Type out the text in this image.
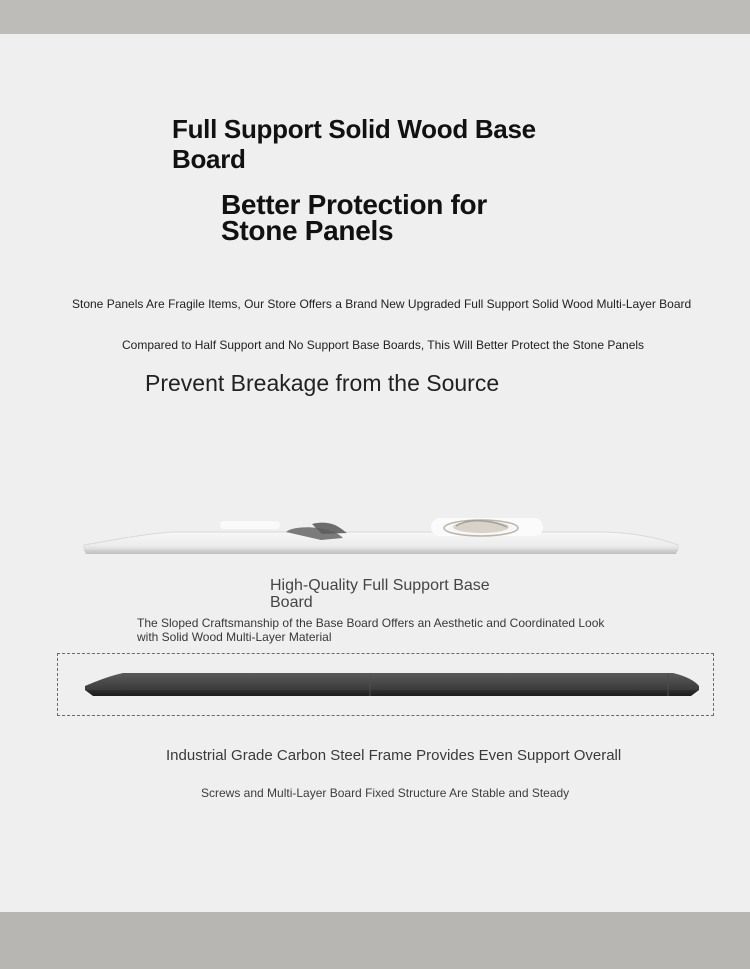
Full Support Solid Wood Base Board
Better Protection for Stone Panels

Stone Panels Are Fragile Items, Our Store Offers a Brand New Upgraded Full Support Solid Wood Multi-Layer Board

Compared to Half Support and No Support Base Boards, This Will Better Protect the Stone Panels

Prevent Breakage from the Source

High-Quality Full Support Base Board

The Sloped Craftsmanship of the Base Board Offers an Aesthetic and Coordinated Look with Solid Wood Multi-Layer Material

Industrial Grade Carbon Steel Frame Provides Even Support Overall

Screws and Multi-Layer Board Fixed Structure Are Stable and Steady
